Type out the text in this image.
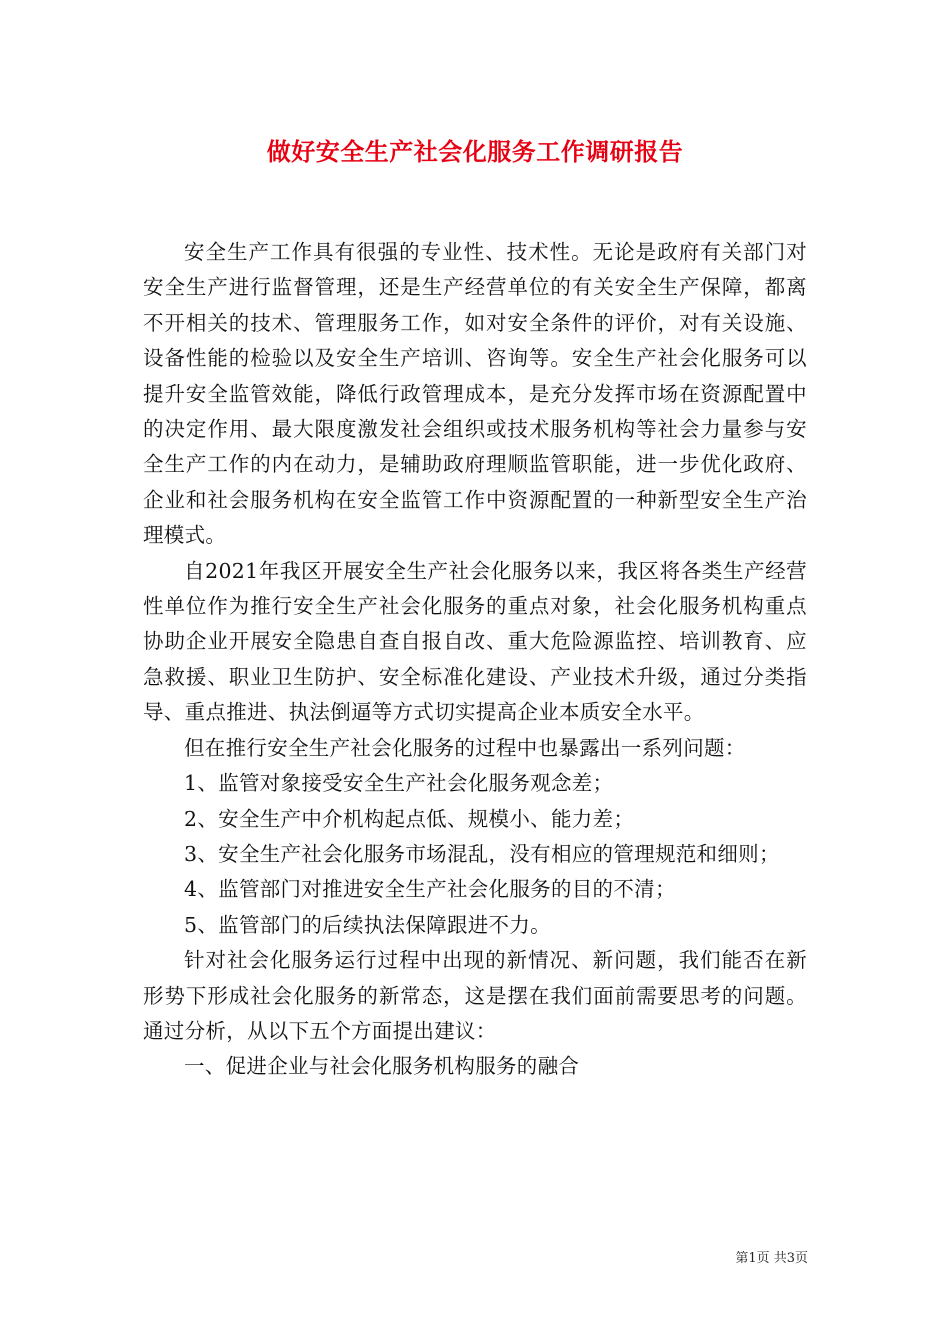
做好安全生产社会化服务工作调研报告

安全生产工作具有很强的专业性、技术性。无论是政府有关部门对安全生产进行监督管理，还是生产经营单位的有关安全生产保障，都离不开相关的技术、管理服务工作，如对安全条件的评价，对有关设施、设备性能的检验以及安全生产培训、咨询等。安全生产社会化服务可以提升安全监管效能，降低行政管理成本，是充分发挥市场在资源配置中的决定作用、最大限度激发社会组织或技术服务机构等社会力量参与安全生产工作的内在动力，是辅助政府理顺监管职能，进一步优化政府、企业和社会服务机构在安全监管工作中资源配置的一种新型安全生产治理模式。

自2021年我区开展安全生产社会化服务以来，我区将各类生产经营性单位作为推行安全生产社会化服务的重点对象，社会化服务机构重点协助企业开展安全隐患自查自报自改、重大危险源监控、培训教育、应急救援、职业卫生防护、安全标准化建设、产业技术升级，通过分类指导、重点推进、执法倒逼等方式切实提高企业本质安全水平。

但在推行安全生产社会化服务的过程中也暴露出一系列问题：

1、监管对象接受安全生产社会化服务观念差；

2、安全生产中介机构起点低、规模小、能力差；

3、安全生产社会化服务市场混乱，没有相应的管理规范和细则；

4、监管部门对推进安全生产社会化服务的目的不清；

5、监管部门的后续执法保障跟进不力。

针对社会化服务运行过程中出现的新情况、新问题，我们能否在新形势下形成社会化服务的新常态，这是摆在我们面前需要思考的问题。通过分析，从以下五个方面提出建议：

一、促进企业与社会化服务机构服务的融合

第1页 共3页
